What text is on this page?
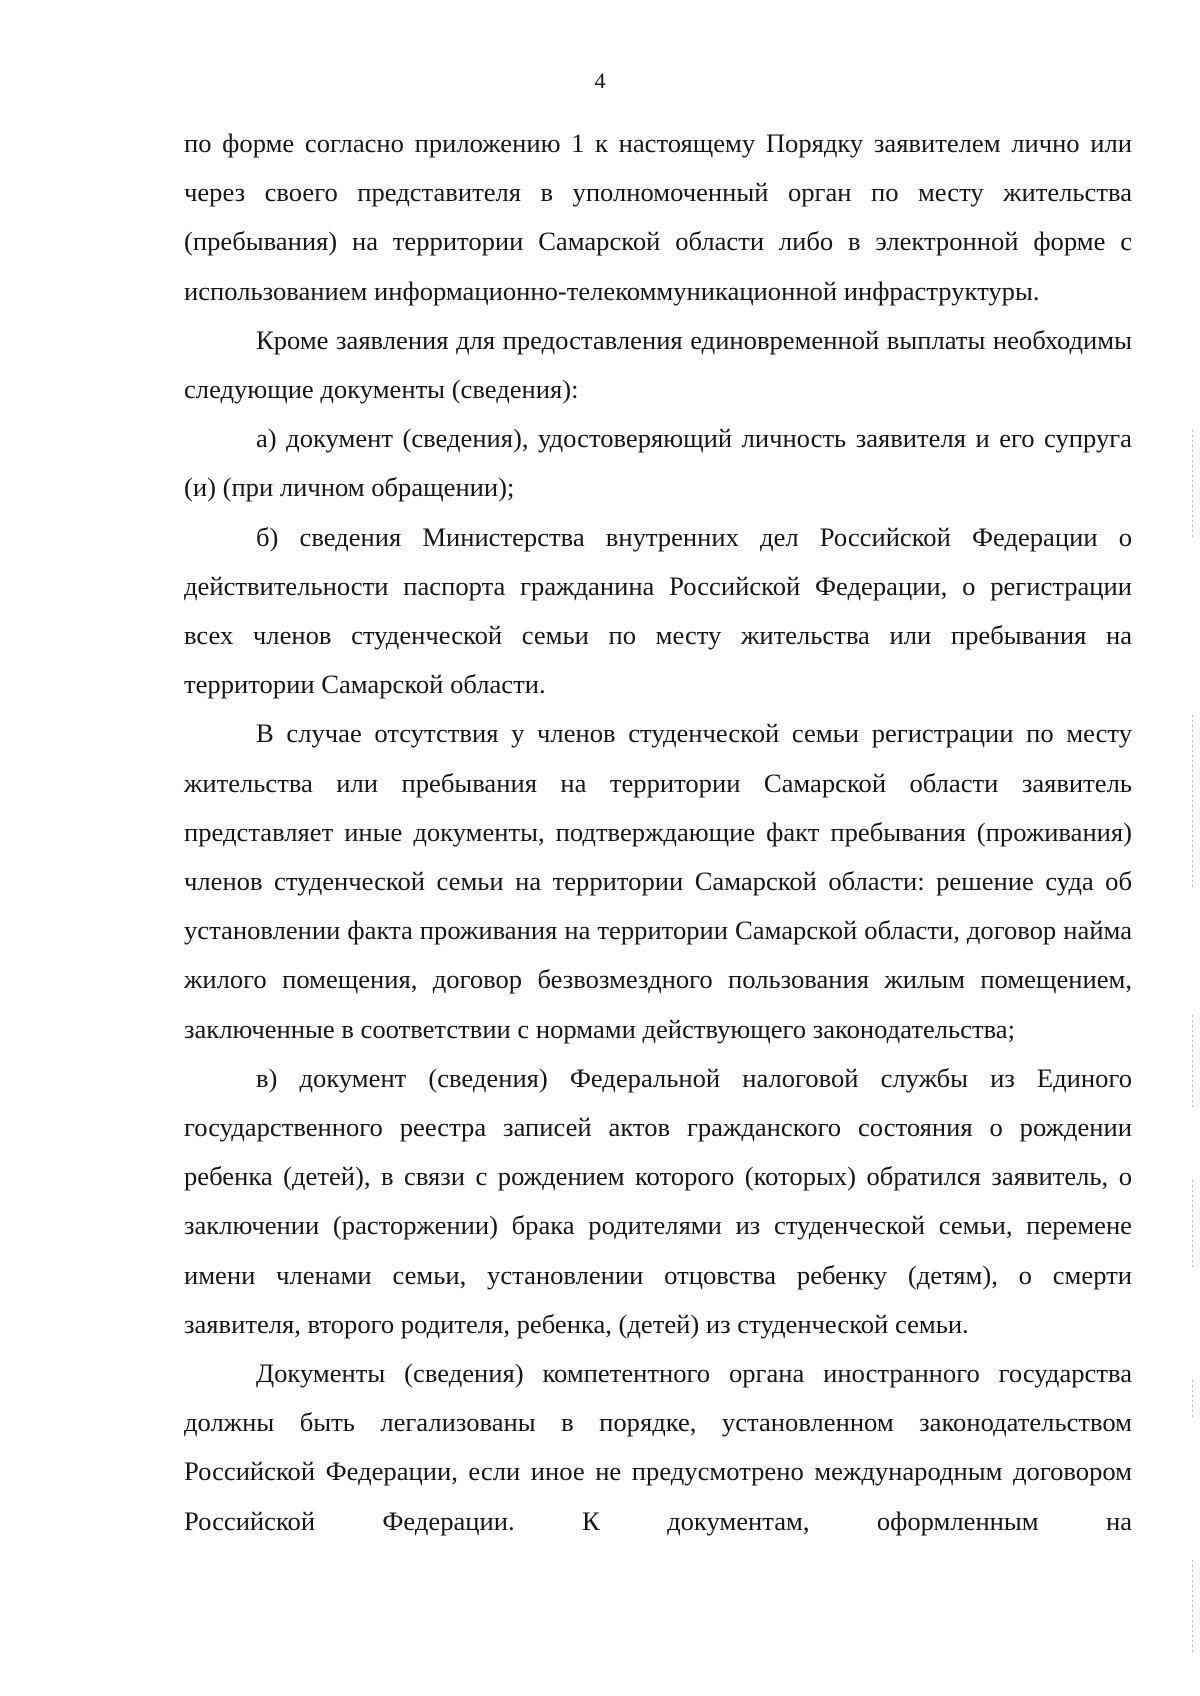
4

по форме согласно приложению 1 к настоящему Порядку заявителем лично или через своего представителя в уполномоченный орган по месту жительства (пребывания) на территории Самарской области либо в электронной форме с использованием информационно-телекоммуникационной инфраструктуры.

Кроме заявления для предоставления единовременной выплаты необходимы следующие документы (сведения):

а) документ (сведения), удостоверяющий личность заявителя и его супруга (и) (при личном обращении);

б) сведения Министерства внутренних дел Российской Федерации о действительности паспорта гражданина Российской Федерации, о регистрации всех членов студенческой семьи по месту жительства или пребывания на территории Самарской области.

В случае отсутствия у членов студенческой семьи регистрации по месту жительства или пребывания на территории Самарской области заявитель представляет иные документы, подтверждающие факт пребывания (проживания) членов студенческой семьи на территории Самарской области: решение суда об установлении факта проживания на территории Самарской области, договор найма жилого помещения, договор безвозмездного пользования жилым помещением, заключенные в соответствии с нормами действующего законодательства;

в) документ (сведения) Федеральной налоговой службы из Единого государственного реестра записей актов гражданского состояния о рождении ребенка (детей), в связи с рождением которого (которых) обратился заявитель, о заключении (расторжении) брака родителями из студенческой семьи, перемене имени членами семьи, установлении отцовства ребенку (детям), о смерти заявителя, второго родителя, ребенка, (детей) из студенческой семьи.

Документы (сведения) компетентного органа иностранного государства должны быть легализованы в порядке, установленном законодательством Российской Федерации, если иное не предусмотрено международным договором Российской Федерации. К документам, оформленным на
